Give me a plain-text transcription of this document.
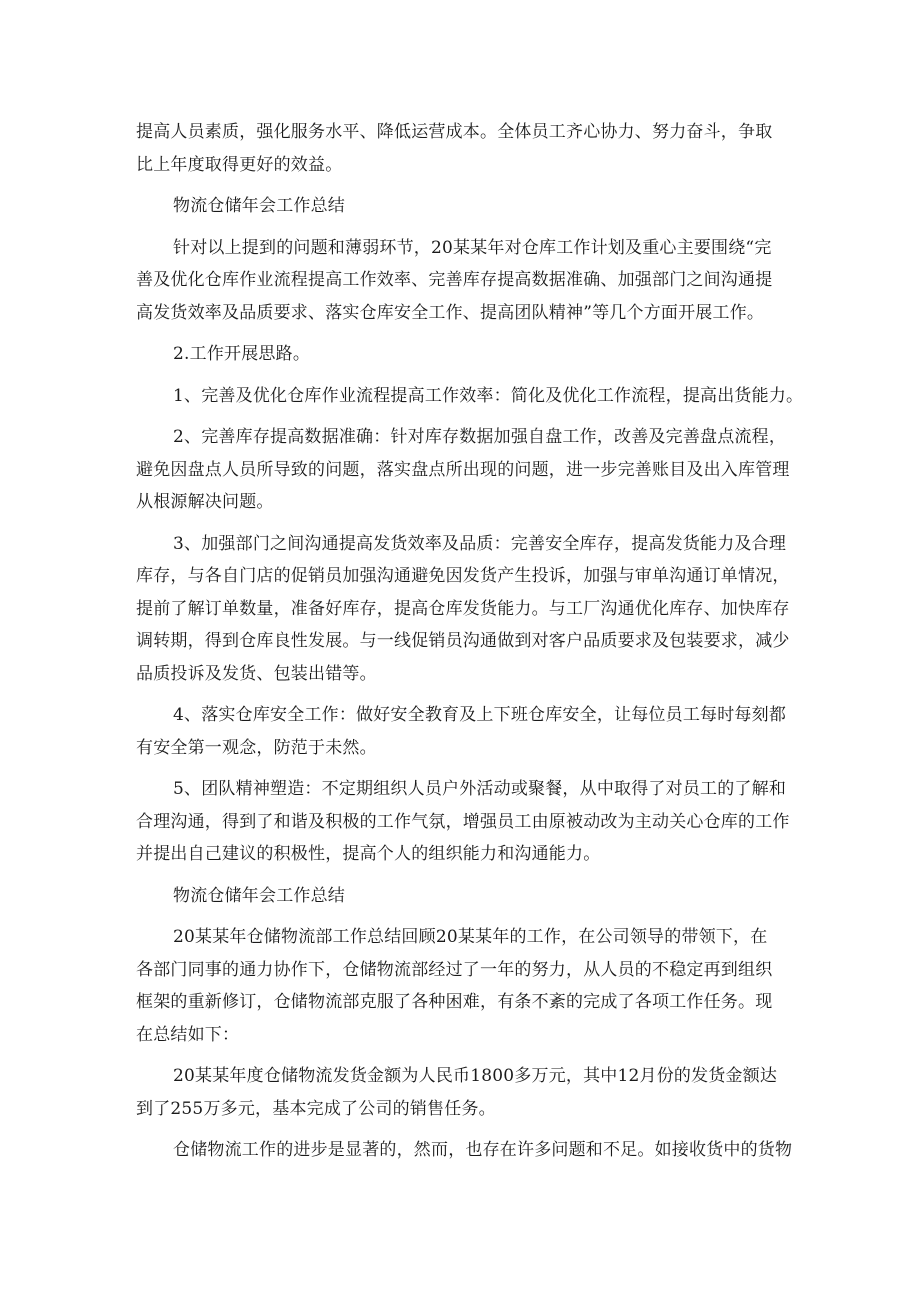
提高人员素质，强化服务水平、降低运营成本。全体员工齐心协力、努力奋斗，争取
比上年度取得更好的效益。
物流仓储年会工作总结
针对以上提到的问题和薄弱环节，20某某年对仓库工作计划及重心主要围绕“完
善及优化仓库作业流程提高工作效率、完善库存提高数据准确、加强部门之间沟通提
高发货效率及品质要求、落实仓库安全工作、提高团队精神”等几个方面开展工作。
2.工作开展思路。
1、完善及优化仓库作业流程提高工作效率：简化及优化工作流程，提高出货能力。
2、完善库存提高数据准确：针对库存数据加强自盘工作，改善及完善盘点流程，
避免因盘点人员所导致的问题，落实盘点所出现的问题，进一步完善账目及出入库管理
从根源解决问题。
3、加强部门之间沟通提高发货效率及品质：完善安全库存，提高发货能力及合理
库存，与各自门店的促销员加强沟通避免因发货产生投诉，加强与审单沟通订单情况，
提前了解订单数量，准备好库存，提高仓库发货能力。与工厂沟通优化库存、加快库存
调转期，得到仓库良性发展。与一线促销员沟通做到对客户品质要求及包装要求，减少
品质投诉及发货、包装出错等。
4、落实仓库安全工作：做好安全教育及上下班仓库安全，让每位员工每时每刻都
有安全第一观念，防范于未然。
5、团队精神塑造：不定期组织人员户外活动或聚餐，从中取得了对员工的了解和
合理沟通，得到了和谐及积极的工作气氛，增强员工由原被动改为主动关心仓库的工作
并提出自己建议的积极性，提高个人的组织能力和沟通能力。
物流仓储年会工作总结
20某某年仓储物流部工作总结回顾20某某年的工作，在公司领导的带领下，在
各部门同事的通力协作下，仓储物流部经过了一年的努力，从人员的不稳定再到组织
框架的重新修订，仓储物流部克服了各种困难，有条不紊的完成了各项工作任务。现
在总结如下：
20某某年度仓储物流发货金额为人民币1800多万元，其中12月份的发货金额达
到了255万多元，基本完成了公司的销售任务。
仓储物流工作的进步是显著的，然而，也存在许多问题和不足。如接收货中的货物
